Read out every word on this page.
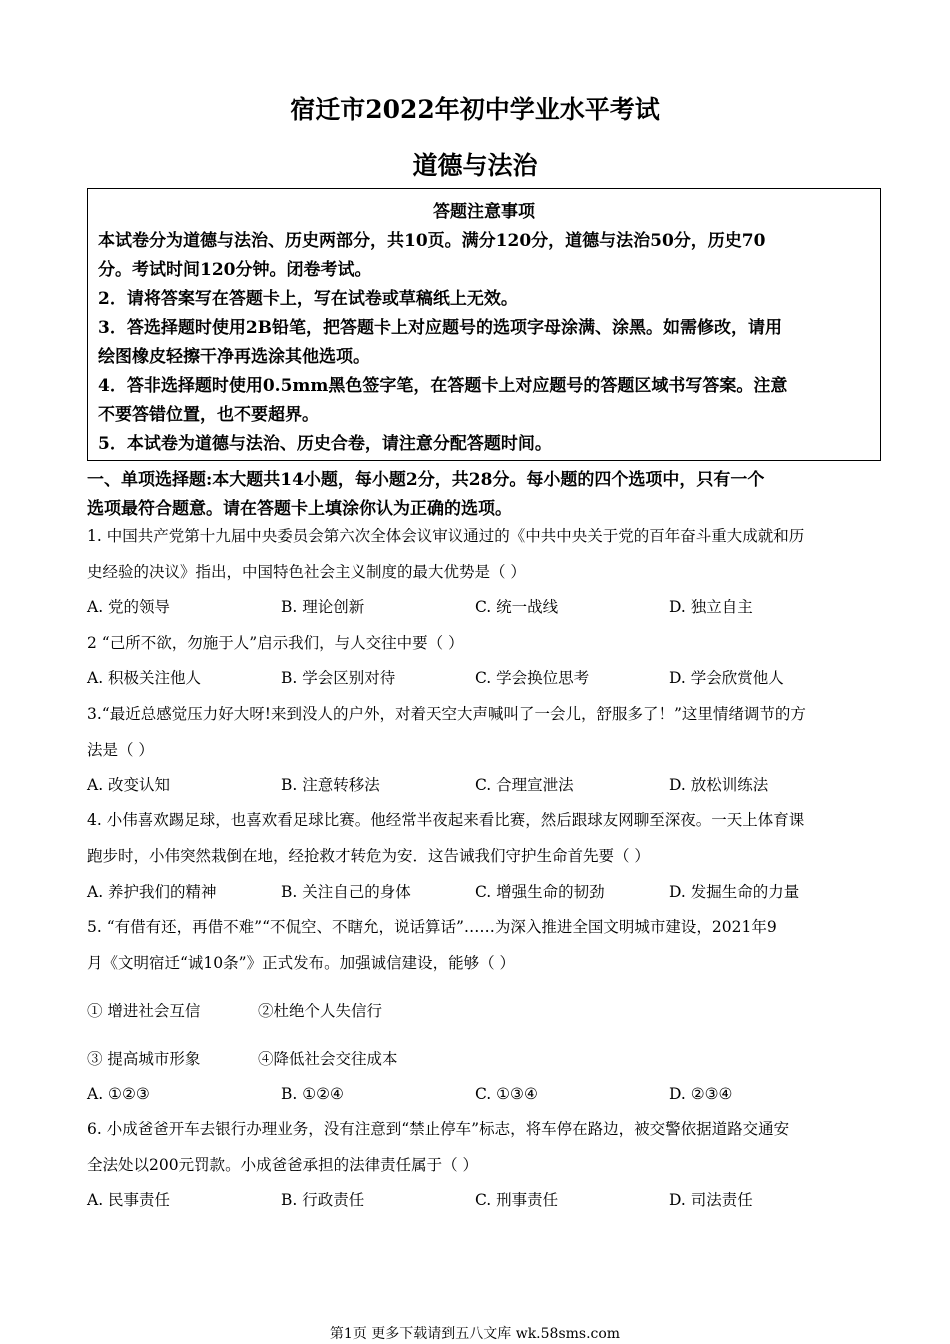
宿迁市2022年初中学业水平考试
道德与法治
答题注意事项
本试卷分为道德与法治、历史两部分，共10页。满分120分，道德与法治50分，历史70
分。考试时间120分钟。闭卷考试。
2．请将答案写在答题卡上，写在试卷或草稿纸上无效。
3．答选择题时使用2B铅笔，把答题卡上对应题号的选项字母涂满、涂黑。如需修改，请用
绘图橡皮轻擦干净再选涂其他选项。
4．答非选择题时使用0.5mm黑色签字笔，在答题卡上对应题号的答题区域书写答案。注意
不要答错位置，也不要超界。
5．本试卷为道德与法治、历史合卷，请注意分配答题时间。
一、单项选择题:本大题共14小题，每小题2分，共28分。每小题的四个选项中，只有一个
选项最符合题意。请在答题卡上填涂你认为正确的选项。
1. 中国共产党第十九届中央委员会第六次全体会议审议通过的《中共中央关于党的百年奋斗重大成就和历
史经验的决议》指出，中国特色社会主义制度的最大优势是（ ）
A. 党的领导	B. 理论创新	C. 统一战线	D. 独立自主
2 “己所不欲，勿施于人”启示我们，与人交往中要（ ）
A. 积极关注他人	B. 学会区别对待	C. 学会换位思考	D. 学会欣赏他人
3.“最近总感觉压力好大呀!来到没人的户外，对着天空大声喊叫了一会儿，舒服多了！”这里情绪调节的方
法是（ ）
A. 改变认知	B. 注意转移法	C. 合理宣泄法	D. 放松训练法
4. 小伟喜欢踢足球，也喜欢看足球比赛。他经常半夜起来看比赛，然后跟球友网聊至深夜。一天上体育课
跑步时，小伟突然栽倒在地，经抢救才转危为安．这告诫我们守护生命首先要（ ）
A. 养护我们的精神	B. 关注自己的身体	C. 增强生命的韧劲	D. 发掘生命的力量
5. “有借有还，再借不难”“不侃空、不瞎允，说话算话”……为深入推进全国文明城市建设，2021年9
月《文明宿迁“诚10条”》正式发布。加强诚信建设，能够（ ）
① 增进社会互信	②杜绝个人失信行
③ 提高城市形象	④降低社会交往成本
A. ①②③	B. ①②④	C. ①③④	D. ②③④
6. 小成爸爸开车去银行办理业务，没有注意到“禁止停车”标志，将车停在路边，被交警依据道路交通安
全法处以200元罚款。小成爸爸承担的法律责任属于（ ）
A. 民事责任	B. 行政责任	C. 刑事责任	D. 司法责任
第1页 更多下载请到五八文库 wk.58sms.com
